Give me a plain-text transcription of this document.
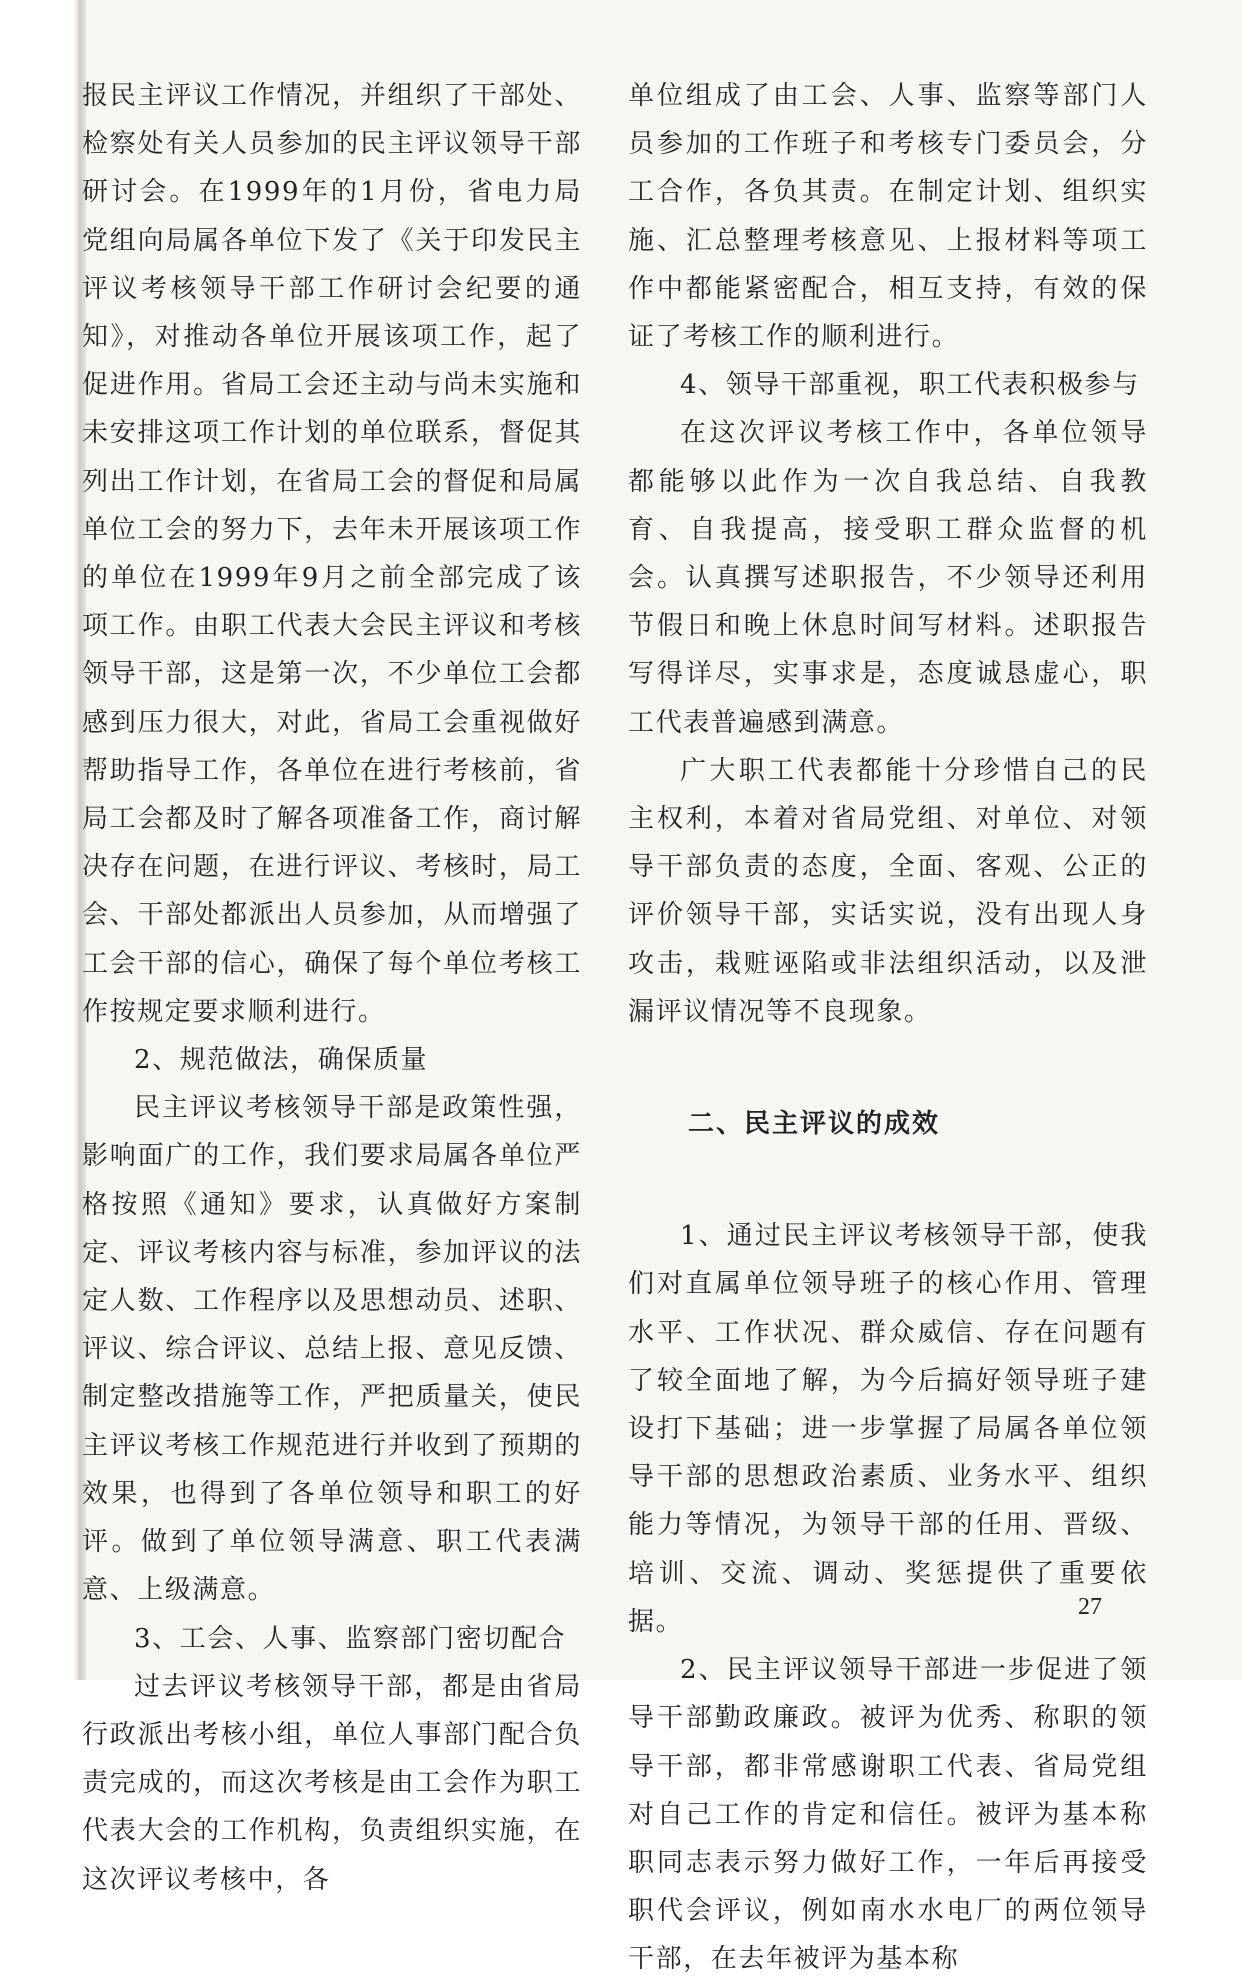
报民主评议工作情况，并组织了干部处、检察处有关人员参加的民主评议领导干部研讨会。在1999年的1月份，省电力局党组向局属各单位下发了《关于印发民主评议考核领导干部工作研讨会纪要的通知》，对推动各单位开展该项工作，起了促进作用。省局工会还主动与尚未实施和未安排这项工作计划的单位联系，督促其列出工作计划，在省局工会的督促和局属单位工会的努力下，去年未开展该项工作的单位在1999年9月之前全部完成了该项工作。由职工代表大会民主评议和考核领导干部，这是第一次，不少单位工会都感到压力很大，对此，省局工会重视做好帮助指导工作，各单位在进行考核前，省局工会都及时了解各项准备工作，商讨解决存在问题，在进行评议、考核时，局工会、干部处都派出人员参加，从而增强了工会干部的信心，确保了每个单位考核工作按规定要求顺利进行。

2、规范做法，确保质量

民主评议考核领导干部是政策性强，影响面广的工作，我们要求局属各单位严格按照《通知》要求，认真做好方案制定、评议考核内容与标准，参加评议的法定人数、工作程序以及思想动员、述职、评议、综合评议、总结上报、意见反馈、制定整改措施等工作，严把质量关，使民主评议考核工作规范进行并收到了预期的效果，也得到了各单位领导和职工的好评。做到了单位领导满意、职工代表满意、上级满意。

3、工会、人事、监察部门密切配合

过去评议考核领导干部，都是由省局行政派出考核小组，单位人事部门配合负责完成的，而这次考核是由工会作为职工代表大会的工作机构，负责组织实施，在这次评议考核中，各

单位组成了由工会、人事、监察等部门人员参加的工作班子和考核专门委员会，分工合作，各负其责。在制定计划、组织实施、汇总整理考核意见、上报材料等项工作中都能紧密配合，相互支持，有效的保证了考核工作的顺利进行。

4、领导干部重视，职工代表积极参与

在这次评议考核工作中，各单位领导都能够以此作为一次自我总结、自我教育、自我提高，接受职工群众监督的机会。认真撰写述职报告，不少领导还利用节假日和晚上休息时间写材料。述职报告写得详尽，实事求是，态度诚恳虚心，职工代表普遍感到满意。

广大职工代表都能十分珍惜自己的民主权利，本着对省局党组、对单位、对领导干部负责的态度，全面、客观、公正的评价领导干部，实话实说，没有出现人身攻击，栽赃诬陷或非法组织活动，以及泄漏评议情况等不良现象。

二、民主评议的成效

1、通过民主评议考核领导干部，使我们对直属单位领导班子的核心作用、管理水平、工作状况、群众威信、存在问题有了较全面地了解，为今后搞好领导班子建设打下基础；进一步掌握了局属各单位领导干部的思想政治素质、业务水平、组织能力等情况，为领导干部的任用、晋级、培训、交流、调动、奖惩提供了重要依据。

2、民主评议领导干部进一步促进了领导干部勤政廉政。被评为优秀、称职的领导干部，都非常感谢职工代表、省局党组对自己工作的肯定和信任。被评为基本称职同志表示努力做好工作，一年后再接受职代会评议，例如南水水电厂的两位领导干部，在去年被评为基本称

27
